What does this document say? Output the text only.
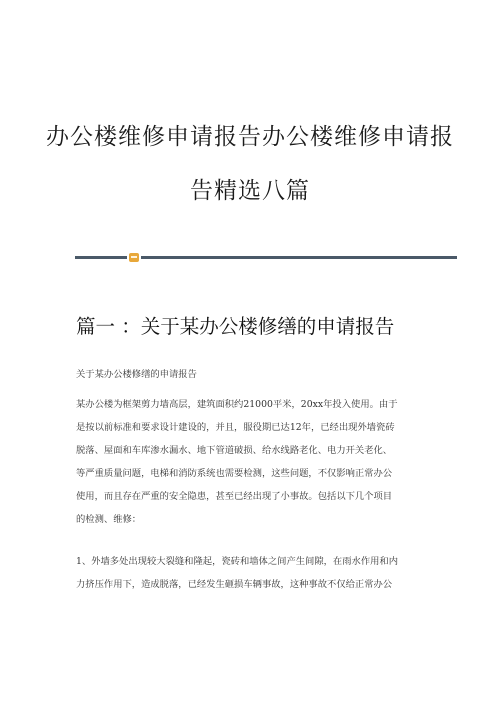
办公楼维修申请报告办公楼维修申请报
告精选八篇
篇一 ：关于某办公楼修缮的申请报告
关于某办公楼修缮的申请报告
某办公楼为框架剪力墙高层，建筑面积约21000平米，20xx年投入使用。由于
是按以前标准和要求设计建设的，并且，服役期已达12年，已经出现外墙瓷砖
脱落、屋面和车库渗水漏水、地下管道破损、给水线路老化、电力开关老化、
等严重质量问题，电梯和消防系统也需要检测，这些问题，不仅影响正常办公
使用，而且存在严重的安全隐患，甚至已经出现了小事故。包括以下几个项目
的检测、维修：
1、外墙多处出现较大裂缝和隆起，瓷砖和墙体之间产生间隙，在雨水作用和内
力挤压作用下，造成脱落，已经发生砸损车辆事故，这种事故不仅给正常办公
